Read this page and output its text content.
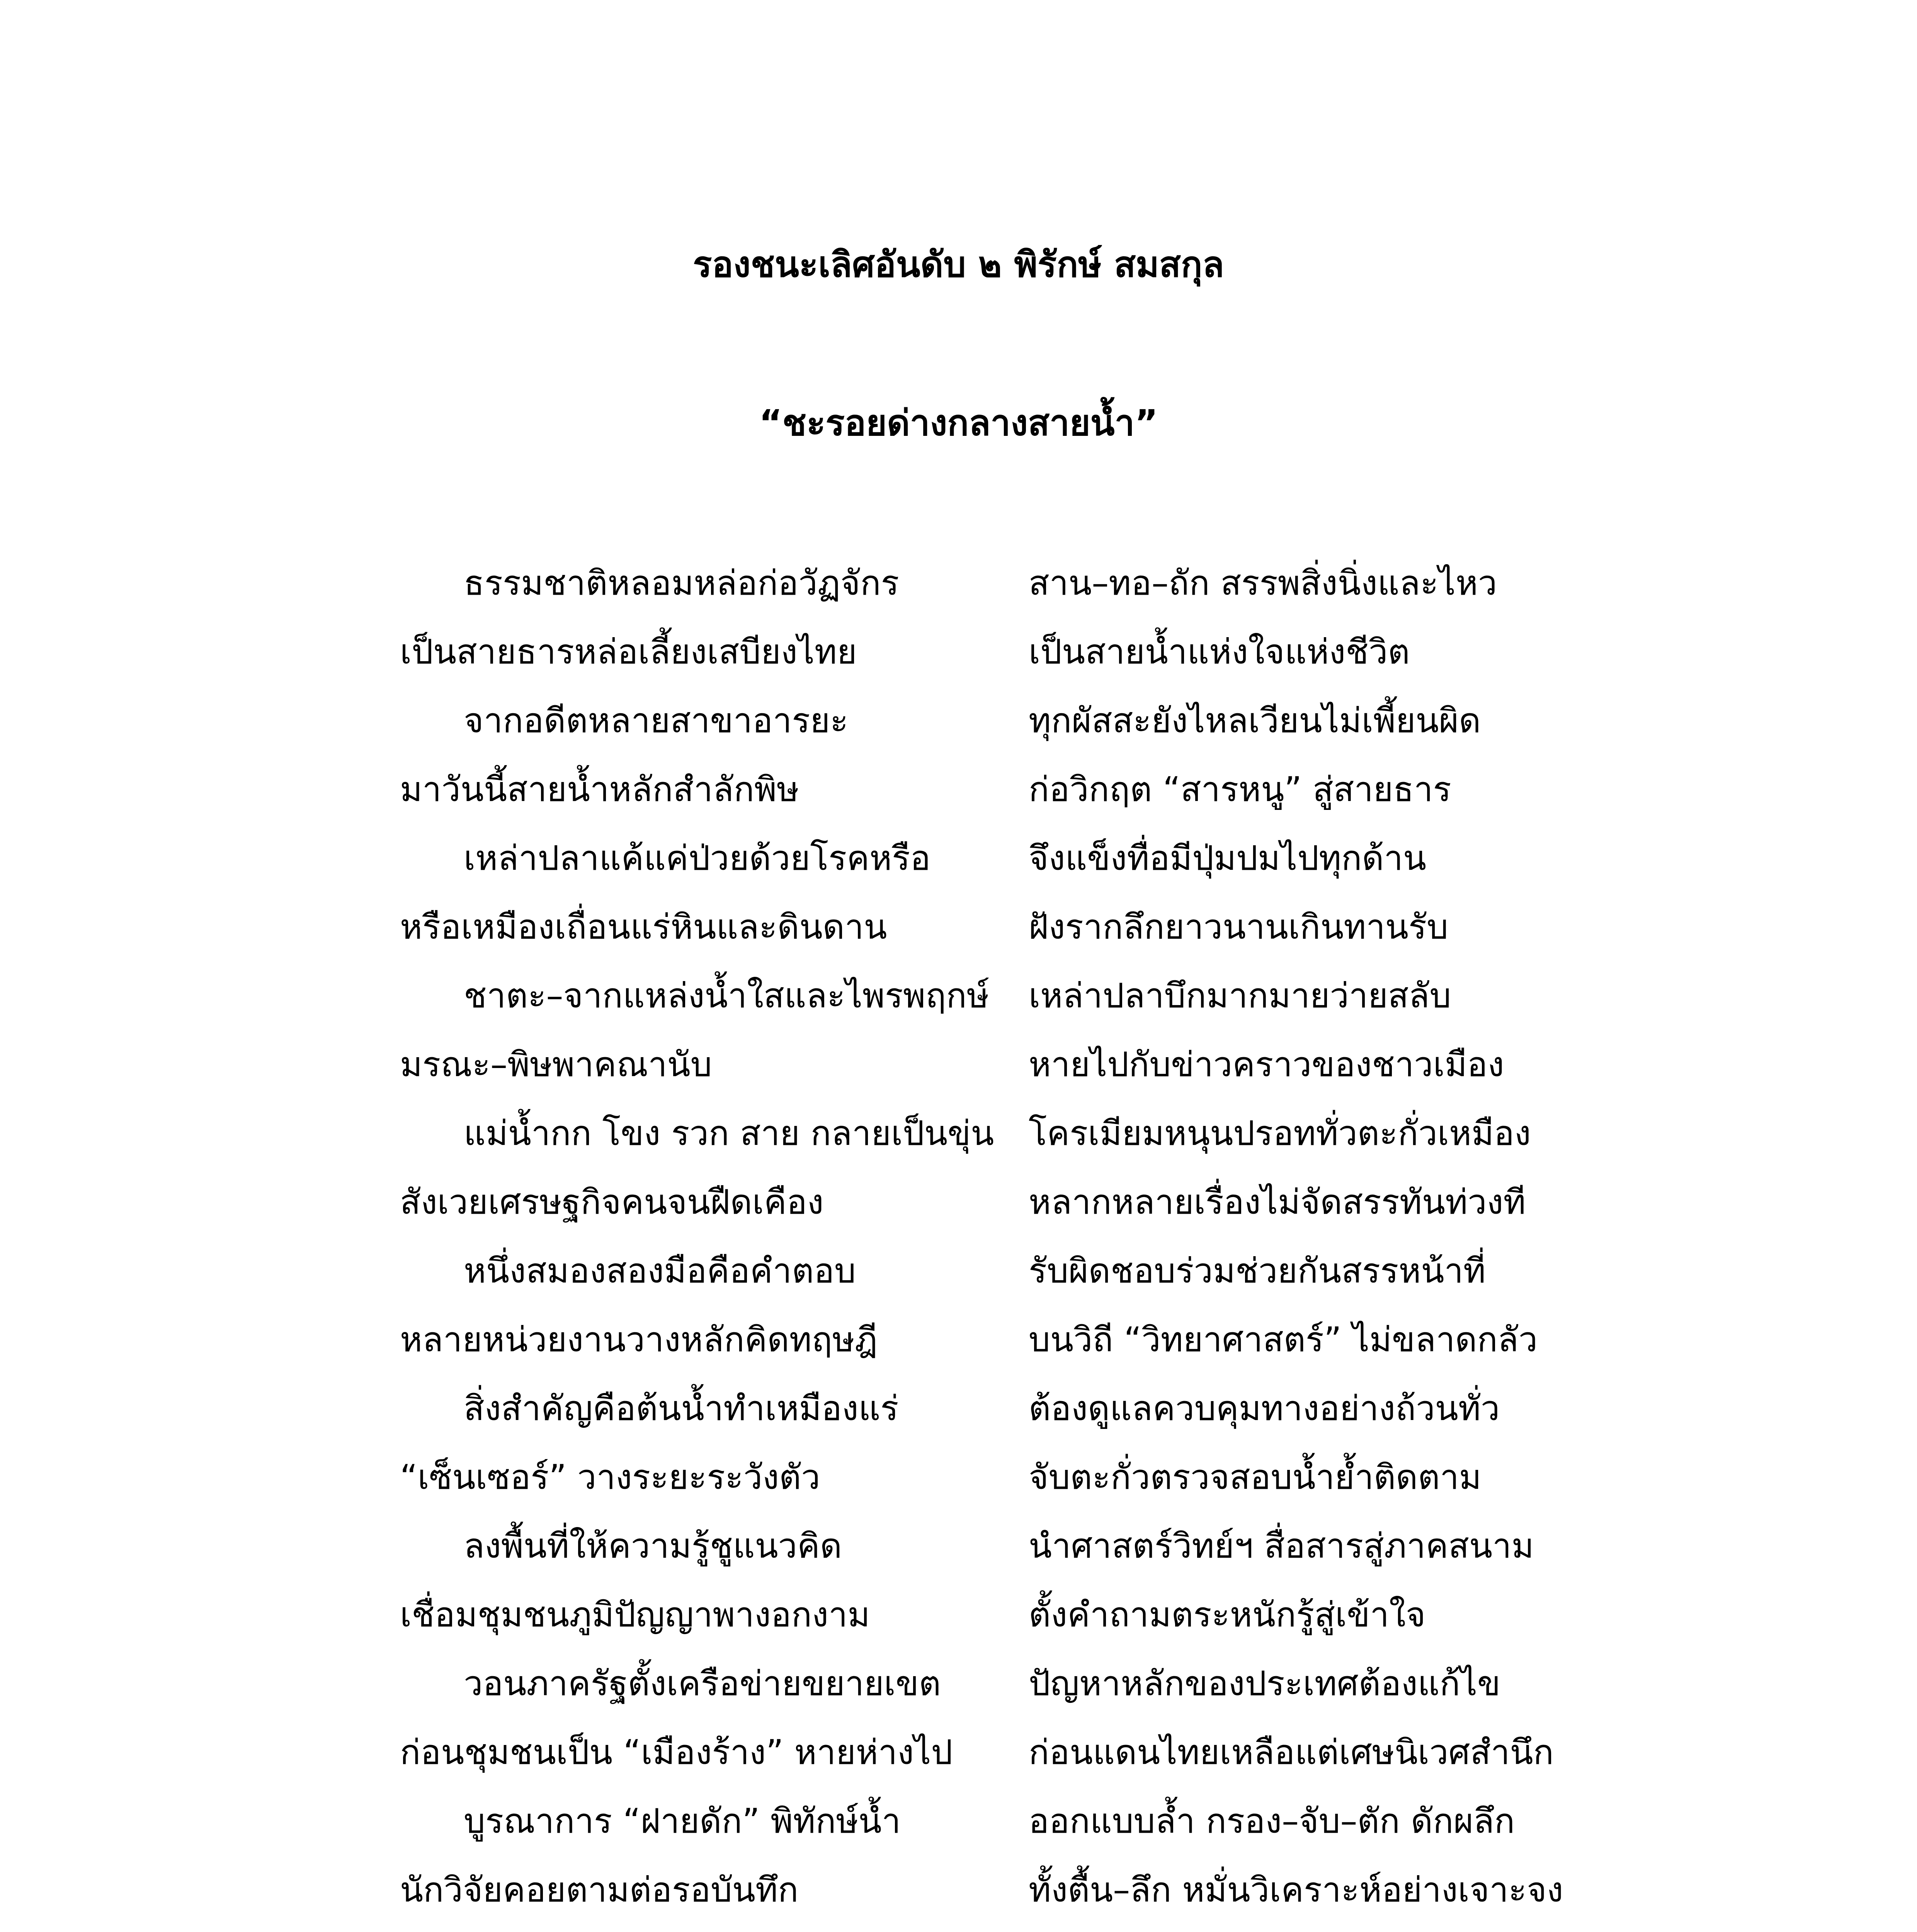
รองชนะเลิศอันดับ ๒ พิรักษ์ สมสกุล
“ชะรอยด่างกลางสายน้ำ”
ธรรมชาติหลอมหล่อก่อวัฏจักร
เป็นสายธารหล่อเลี้ยงเสบียงไทย
จากอดีตหลายสาขาอารยะ
มาวันนี้สายน้ำหลักสำลักพิษ
เหล่าปลาแค้แค่ป่วยด้วยโรคหรือ
หรือเหมืองเถื่อนแร่หินและดินดาน
ชาตะ–จากแหล่งน้ำใสและไพรพฤกษ์
มรณะ–พิษพาคณานับ
แม่น้ำกก โขง รวก สาย กลายเป็นขุ่น
สังเวยเศรษฐกิจคนจนฝืดเคือง
หนึ่งสมองสองมือคือคำตอบ
หลายหน่วยงานวางหลักคิดทฤษฎี
สิ่งสำคัญคือต้นน้ำทำเหมืองแร่
“เซ็นเซอร์” วางระยะระวังตัว
ลงพื้นที่ให้ความรู้ชูแนวคิด
เชื่อมชุมชนภูมิปัญญาพางอกงาม
วอนภาครัฐตั้งเครือข่ายขยายเขต
ก่อนชุมชนเป็น “เมืองร้าง” หายห่างไป
บูรณาการ “ฝายดัก” พิทักษ์น้ำ
นักวิจัยคอยตามต่อรอบันทึก
สาน–ทอ–ถัก สรรพสิ่งนิ่งและไหว
เป็นสายน้ำแห่งใจแห่งชีวิต
ทุกผัสสะยังไหลเวียนไม่เพี้ยนผิด
ก่อวิกฤต “สารหนู” สู่สายธาร
จึงแข็งทื่อมีปุ่มปมไปทุกด้าน
ฝังรากลึกยาวนานเกินทานรับ
เหล่าปลาบึกมากมายว่ายสลับ
หายไปกับข่าวคราวของชาวเมือง
โครเมียมหนุนปรอททั่วตะกั่วเหมือง
หลากหลายเรื่องไม่จัดสรรทันท่วงที
รับผิดชอบร่วมช่วยกันสรรหน้าที่
บนวิถี “วิทยาศาสตร์” ไม่ขลาดกลัว
ต้องดูแลควบคุมทางอย่างถ้วนทั่ว
จับตะกั่วตรวจสอบน้ำย้ำติดตาม
นำศาสตร์วิทย์ฯ สื่อสารสู่ภาคสนาม
ตั้งคำถามตระหนักรู้สู่เข้าใจ
ปัญหาหลักของประเทศต้องแก้ไข
ก่อนแดนไทยเหลือแต่เศษนิเวศสำนึก
ออกแบบล้ำ กรอง–จับ–ตัก ดักผลึก
ทั้งตื้น–ลึก หมั่นวิเคราะห์อย่างเจาะจง
